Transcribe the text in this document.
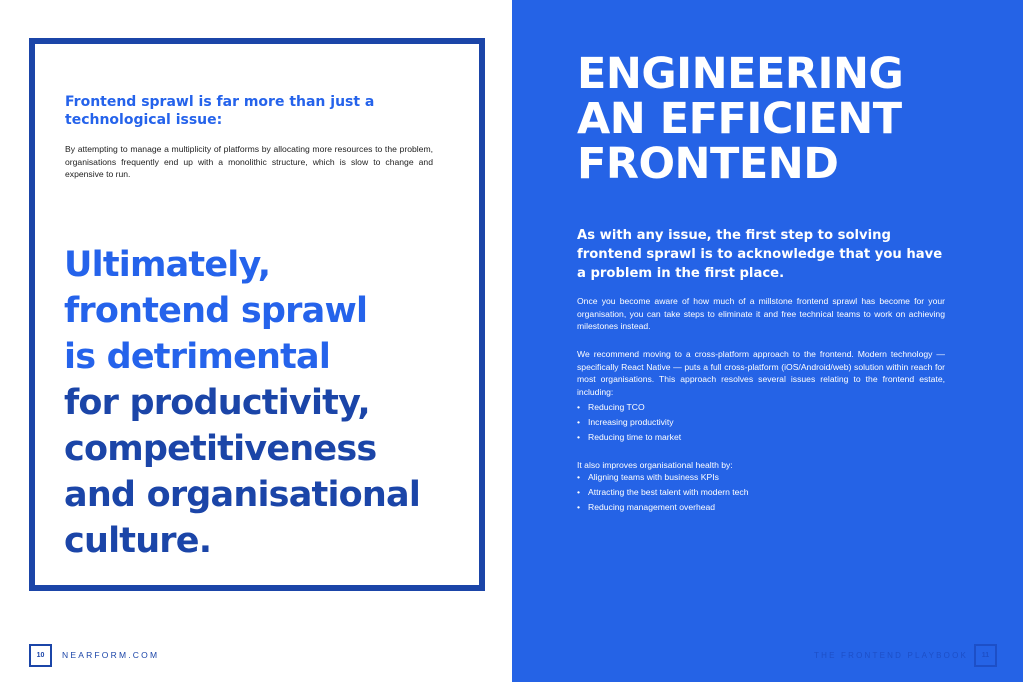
Frontend sprawl is far more than just a technological issue:
By attempting to manage a multiplicity of platforms by allocating more resources to the problem, organisations frequently end up with a monolithic structure, which is slow to change and expensive to run.
Ultimately,
frontend sprawl
is detrimental
for productivity,
competitiveness
and organisational
culture.
10	NEARFORM.COM
ENGINEERING
AN EFFICIENT
FRONTEND
As with any issue, the first step to solving frontend sprawl is to acknowledge that you have a problem in the first place.
Once you become aware of how much of a millstone frontend sprawl has become for your organisation, you can take steps to eliminate it and free technical teams to work on achieving milestones instead.
We recommend moving to a cross-platform approach to the frontend. Modern technology — specifically React Native — puts a full cross-platform (iOS/Android/web) solution within reach for most organisations. This approach resolves several issues relating to the frontend estate, including:
• Reducing TCO
• Increasing productivity
• Reducing time to market
It also improves organisational health by:
• Aligning teams with business KPIs
• Attracting the best talent with modern tech
• Reducing management overhead
THE FRONTEND PLAYBOOK	11
